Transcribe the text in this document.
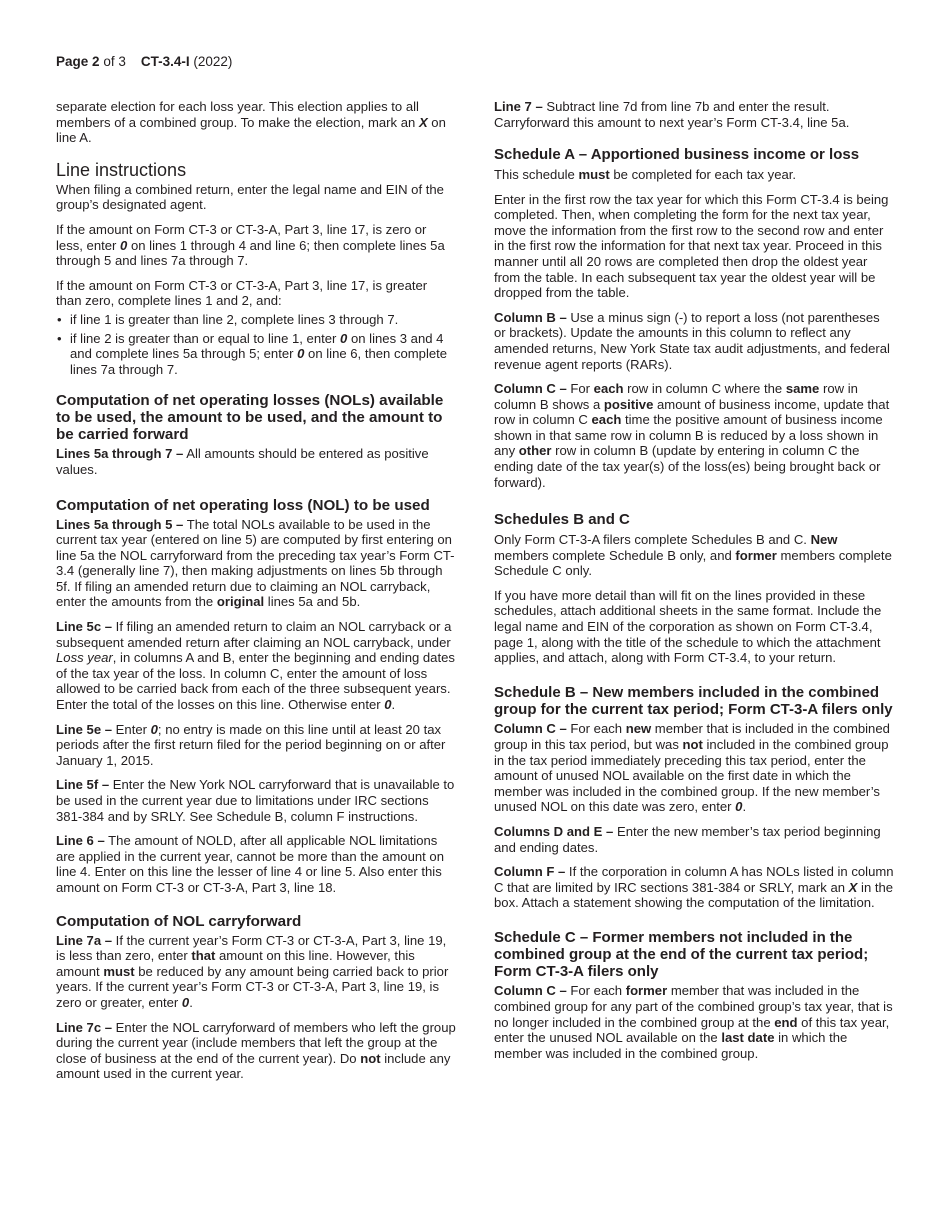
Page 2 of 3 CT-3.4-I (2022)

separate election for each loss year. This election applies to all members of a combined group. To make the election, mark an X on line A.

Line instructions

When filing a combined return, enter the legal name and EIN of the group’s designated agent.

If the amount on Form CT-3 or CT-3-A, Part 3, line 17, is zero or less, enter 0 on lines 1 through 4 and line 6; then complete lines 5a through 5 and lines 7a through 7.

If the amount on Form CT-3 or CT-3-A, Part 3, line 17, is greater than zero, complete lines 1 and 2, and:

• if line 1 is greater than line 2, complete lines 3 through 7.
• if line 2 is greater than or equal to line 1, enter 0 on lines 3 and 4 and complete lines 5a through 5; enter 0 on line 6, then complete lines 7a through 7.
Computation of net operating losses (NOLs) available to be used, the amount to be used, and the amount to be carried forward

Lines 5a through 7 – All amounts should be entered as positive values.

Computation of net operating loss (NOL) to be used

Lines 5a through 5 – The total NOLs available to be used in the current tax year (entered on line 5) are computed by first entering on line 5a the NOL carryforward from the preceding tax year’s Form CT-3.4 (generally line 7), then making adjustments on lines 5b through 5f. If filing an amended return due to claiming an NOL carryback, enter the amounts from the original lines 5a and 5b.

Line 5c – If filing an amended return to claim an NOL carryback or a subsequent amended return after claiming an NOL carryback, under Loss year, in columns A and B, enter the beginning and ending dates of the tax year of the loss. In column C, enter the amount of loss allowed to be carried back from each of the three subsequent years. Enter the total of the losses on this line. Otherwise enter 0.

Line 5e – Enter 0; no entry is made on this line until at least 20 tax periods after the first return filed for the period beginning on or after January 1, 2015.

Line 5f – Enter the New York NOL carryforward that is unavailable to be used in the current year due to limitations under IRC sections 381-384 and by SRLY. See Schedule B, column F instructions.

Line 6 – The amount of NOLD, after all applicable NOL limitations are applied in the current year, cannot be more than the amount on line 4. Enter on this line the lesser of line 4 or line 5. Also enter this amount on Form CT-3 or CT-3-A, Part 3, line 18.

Computation of NOL carryforward

Line 7a – If the current year’s Form CT-3 or CT-3-A, Part 3, line 19, is less than zero, enter that amount on this line. However, this amount must be reduced by any amount being carried back to prior years. If the current year’s Form CT-3 or CT-3-A, Part 3, line 19, is zero or greater, enter 0.

Line 7c – Enter the NOL carryforward of members who left the group during the current year (include members that left the group at the close of business at the end of the current year). Do not include any amount used in the current year.

Line 7 – Subtract line 7d from line 7b and enter the result. Carryforward this amount to next year’s Form CT-3.4, line 5a.

Schedule A – Apportioned business income or loss

This schedule must be completed for each tax year.

Enter in the first row the tax year for which this Form CT-3.4 is being completed. Then, when completing the form for the next tax year, move the information from the first row to the second row and enter in the first row the information for that next tax year. Proceed in this manner until all 20 rows are completed then drop the oldest year from the table. In each subsequent tax year the oldest year will be dropped from the table.

Column B – Use a minus sign (-) to report a loss (not parentheses or brackets). Update the amounts in this column to reflect any amended returns, New York State tax audit adjustments, and federal revenue agent reports (RARs).

Column C – For each row in column C where the same row in column B shows a positive amount of business income, update that row in column C each time the positive amount of business income shown in that same row in column B is reduced by a loss shown in any other row in column B (update by entering in column C the ending date of the tax year(s) of the loss(es) being brought back or forward).

Schedules B and C

Only Form CT-3-A filers complete Schedules B and C. New members complete Schedule B only, and former members complete Schedule C only.

If you have more detail than will fit on the lines provided in these schedules, attach additional sheets in the same format. Include the legal name and EIN of the corporation as shown on Form CT-3.4, page 1, along with the title of the schedule to which the attachment applies, and attach, along with Form CT-3.4, to your return.

Schedule B – New members included in the combined group for the current tax period; Form CT-3-A filers only

Column C – For each new member that is included in the combined group in this tax period, but was not included in the combined group in the tax period immediately preceding this tax period, enter the amount of unused NOL available on the first date in which the member was included in the combined group. If the new member’s unused NOL on this date was zero, enter 0.

Columns D and E – Enter the new member’s tax period beginning and ending dates.

Column F – If the corporation in column A has NOLs listed in column C that are limited by IRC sections 381-384 or SRLY, mark an X in the box. Attach a statement showing the computation of the limitation.

Schedule C – Former members not included in the combined group at the end of the current tax period; Form CT-3-A filers only

Column C – For each former member that was included in the combined group for any part of the combined group’s tax year, that is no longer included in the combined group at the end of this tax year, enter the unused NOL available on the last date in which the member was included in the combined group.
